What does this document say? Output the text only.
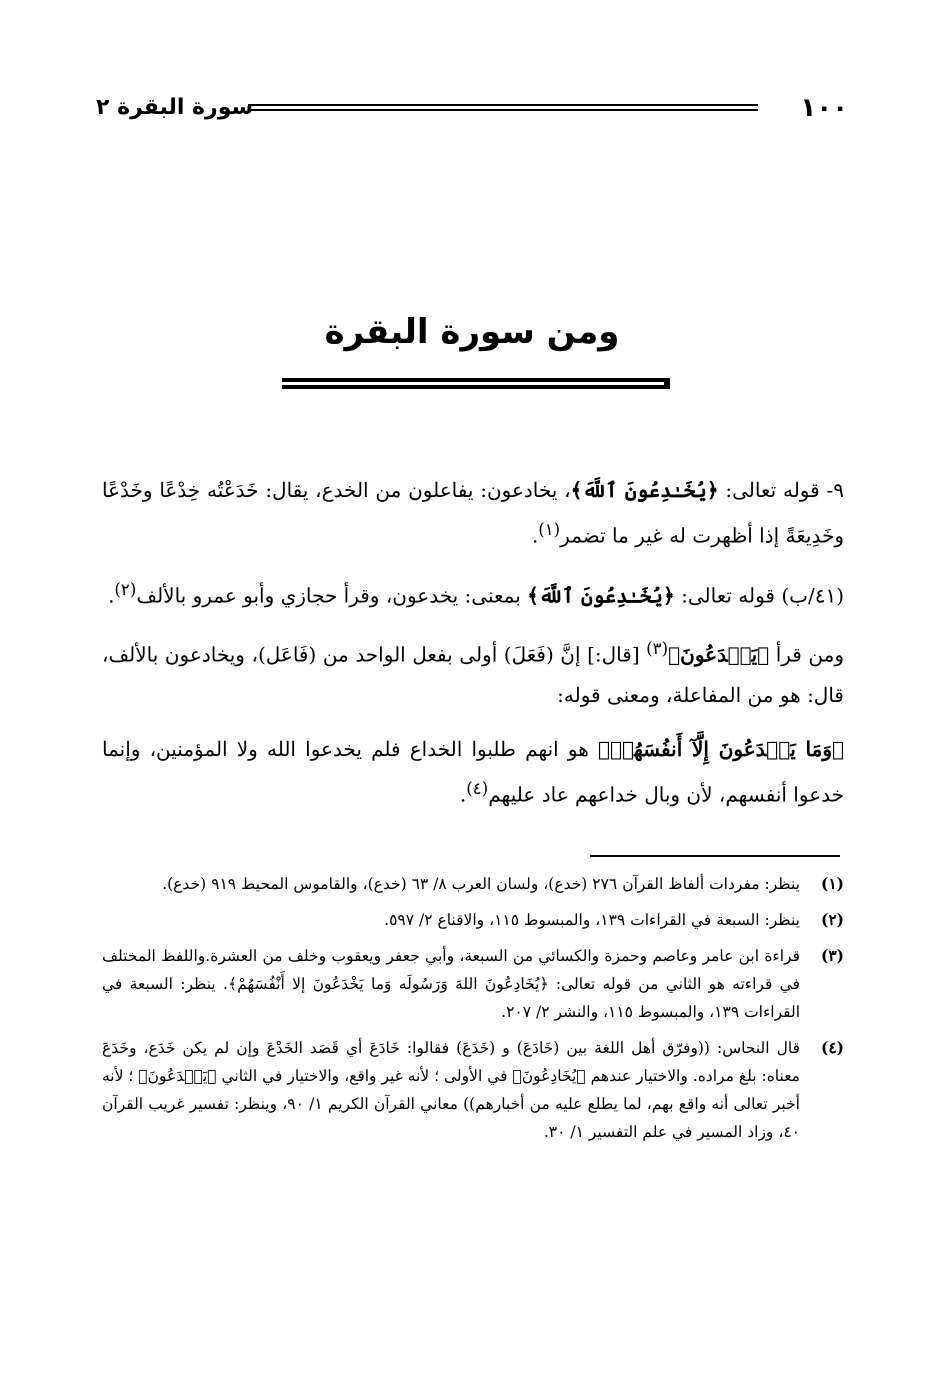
١٠٠
سورة البقرة ٢
ومن سورة البقرة

٩- قوله تعالى: ﴿يُخَـٰدِعُونَ ٱللَّهَ﴾، يخادعون: يفاعلون من الخدع، يقال: خَدَعْتُه خِدْعًا وخَدْعًا وخَدِيعَةً إذا أظهرت له غير ما تضمر$^{(١)}$.

(٤١/ب) قوله تعالى: ﴿يُخَـٰدِعُونَ ٱللَّهَ﴾ بمعنى: يخدعون، وقرأ حجازي وأبو عمرو بالألف$^{(٢)}$.

ومن قرأ ﴿يَخۡدَعُونَ﴾$^{(٣)}$ [قال:] إنَّ (فَعَلَ) أولى بفعل الواحد من (فَاعَل)، ويخادعون بالألف، قال: هو من المفاعلة، ومعنى قوله:

﴿وَمَا يَخۡدَعُونَ إِلَّآ أَنفُسَهُمۡ﴾ هو انهم طلبوا الخداع فلم يخدعوا الله ولا المؤمنين، وإنما خدعوا أنفسهم، لأن وبال خداعهم عاد عليهم$^{(٤)}$.

(١)
ينظر: مفردات ألفاظ القرآن ٢٧٦ (خدع)، ولسان العرب ٨/ ٦٣ (خدع)، والقاموس المحيط ٩١٩ (خدع).
(٢)
ينظر: السبعة في القراءات ١٣٩، والمبسوط ١١٥، والاقناع ٢/ ٥٩٧.
(٣)
قراءة ابن عامر وعاصم وحمزة والكسائي من السبعة، وأبي جعفر ويعقوب وخلف من العشرة.واللفظ المختلف في قراءته هو الثاني من قوله تعالى: ﴿يُخَادِعُونَ اللهَ وَرَسُولَه وَما يَخْدَعُونَ إلا أَنْفُسَهُمْ﴾. ينظر: السبعة في القراءات ١٣٩، والمبسوط ١١٥، والنشر ٢/ ٢٠٧.
(٤)
قال النحاس: ((وفرّق أهل اللغة بين (خَادَعَ) و (خَدَعَ) فقالوا: خَادَعَ أي قَصَد الخَدْعَ وإن لم يكن خَدَع، وخَدَعَ معناه: بلغ مراده. والاختيار عندهم ﴿يُخَادِعُونَ﴾ في الأولى ؛ لأنه غير واقع، والاختيار في الثاني ﴿يَخۡدَعُونَ﴾ ؛ لأنه أخبر تعالى أنه واقع بهم، لما يطلع عليه من أخبارهم)) معاني القرآن الكريم ١/ ٩٠، وينظر: تفسير غريب القرآن ٤٠، وزاد المسير في علم التفسير ١/ ٣٠.
